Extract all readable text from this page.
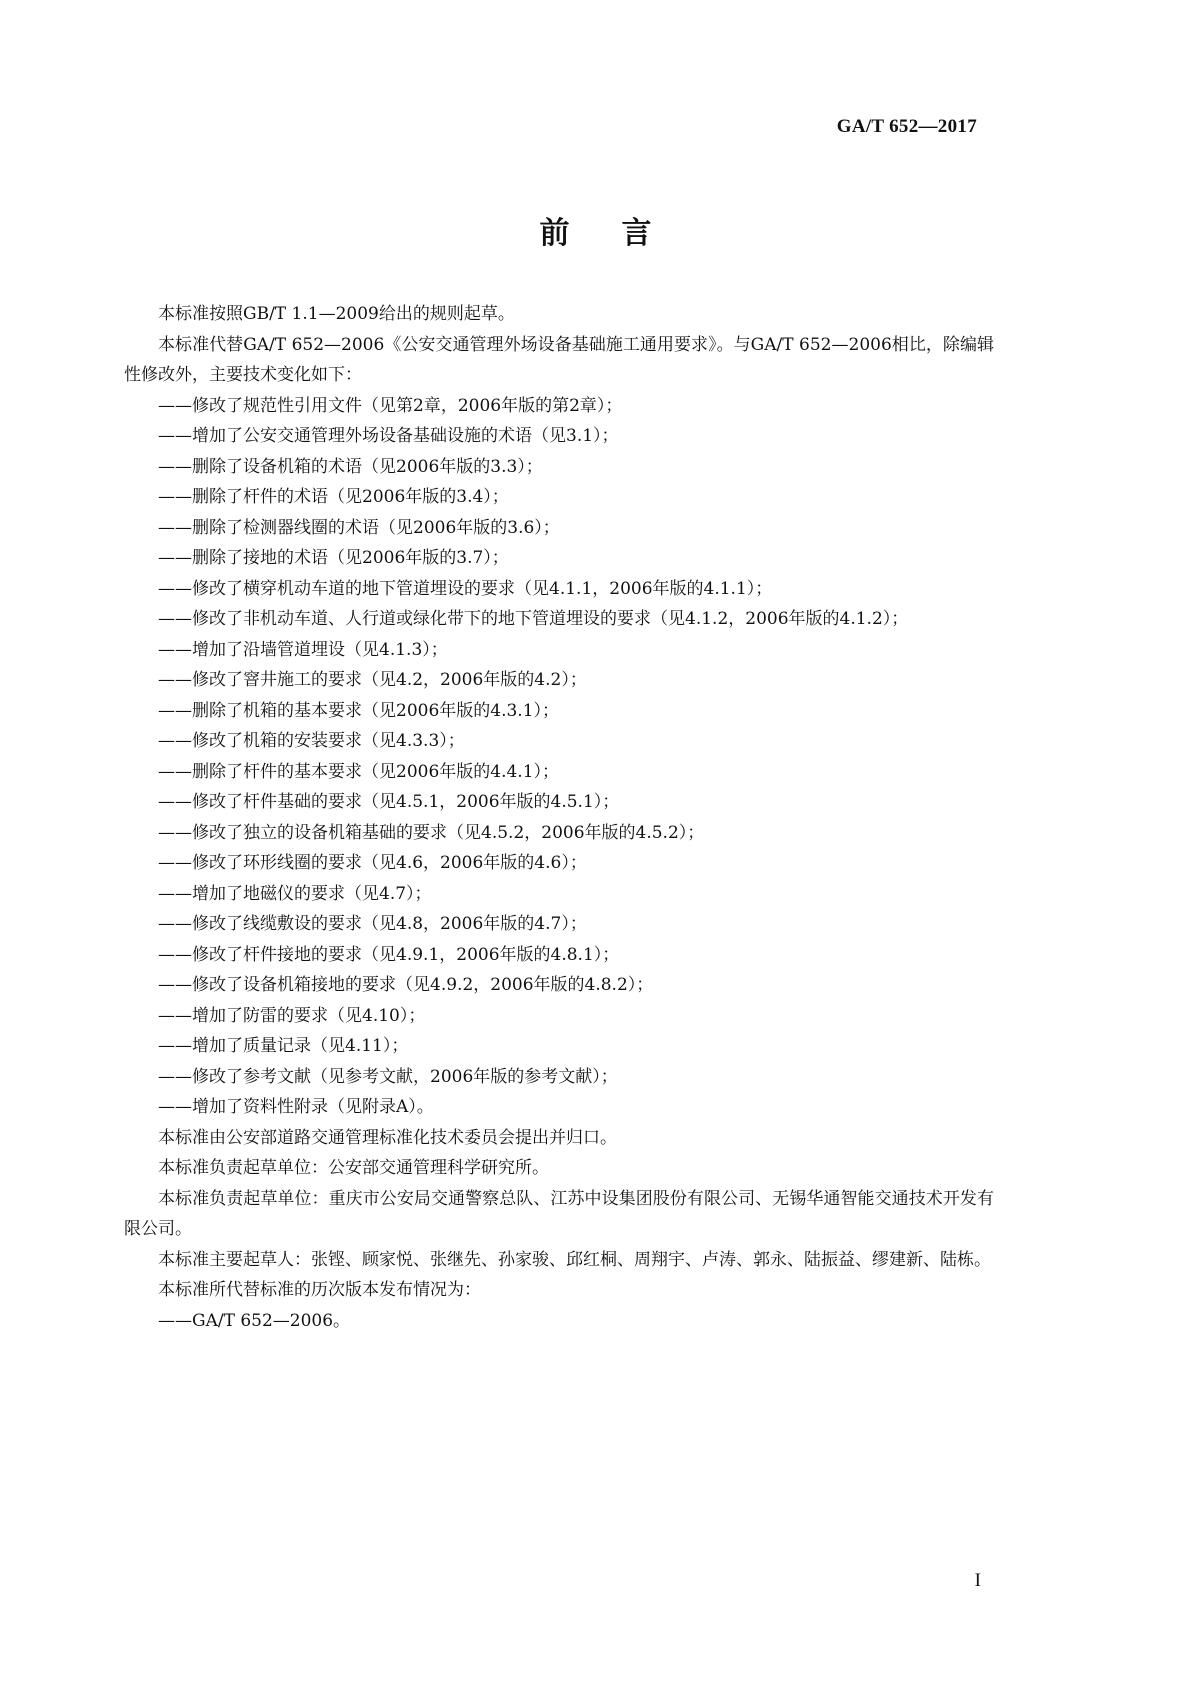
GA/T 652—2017
前言

本标准按照GB/T 1.1—2009给出的规则起草。

本标准代替GA/T 652—2006《公安交通管理外场设备基础施工通用要求》。与GA/T 652—2006相比，除编辑性修改外，主要技术变化如下：

——修改了规范性引用文件（见第2章，2006年版的第2章）；

——增加了公安交通管理外场设备基础设施的术语（见3.1）；

——删除了设备机箱的术语（见2006年版的3.3）；

——删除了杆件的术语（见2006年版的3.4）；

——删除了检测器线圈的术语（见2006年版的3.6）；

——删除了接地的术语（见2006年版的3.7）；

——修改了横穿机动车道的地下管道埋设的要求（见4.1.1，2006年版的4.1.1）；

——修改了非机动车道、人行道或绿化带下的地下管道埋设的要求（见4.1.2，2006年版的4.1.2）；

——增加了沿墙管道埋设（见4.1.3）；

——修改了窨井施工的要求（见4.2，2006年版的4.2）；

——删除了机箱的基本要求（见2006年版的4.3.1）；

——修改了机箱的安装要求（见4.3.3）；

——删除了杆件的基本要求（见2006年版的4.4.1）；

——修改了杆件基础的要求（见4.5.1，2006年版的4.5.1）；

——修改了独立的设备机箱基础的要求（见4.5.2，2006年版的4.5.2）；

——修改了环形线圈的要求（见4.6，2006年版的4.6）；

——增加了地磁仪的要求（见4.7）；

——修改了线缆敷设的要求（见4.8，2006年版的4.7）；

——修改了杆件接地的要求（见4.9.1，2006年版的4.8.1）；

——修改了设备机箱接地的要求（见4.9.2，2006年版的4.8.2）；

——增加了防雷的要求（见4.10）；

——增加了质量记录（见4.11）；

——修改了参考文献（见参考文献，2006年版的参考文献）；

——增加了资料性附录（见附录A）。

本标准由公安部道路交通管理标准化技术委员会提出并归口。

本标准负责起草单位：公安部交通管理科学研究所。

本标准负责起草单位：重庆市公安局交通警察总队、江苏中设集团股份有限公司、无锡华通智能交通技术开发有限公司。

本标准主要起草人：张铿、顾家悦、张继先、孙家骏、邱红桐、周翔宇、卢涛、郭永、陆振益、缪建新、陆栋。

本标准所代替标准的历次版本发布情况为：

——GA/T 652—2006。

I
